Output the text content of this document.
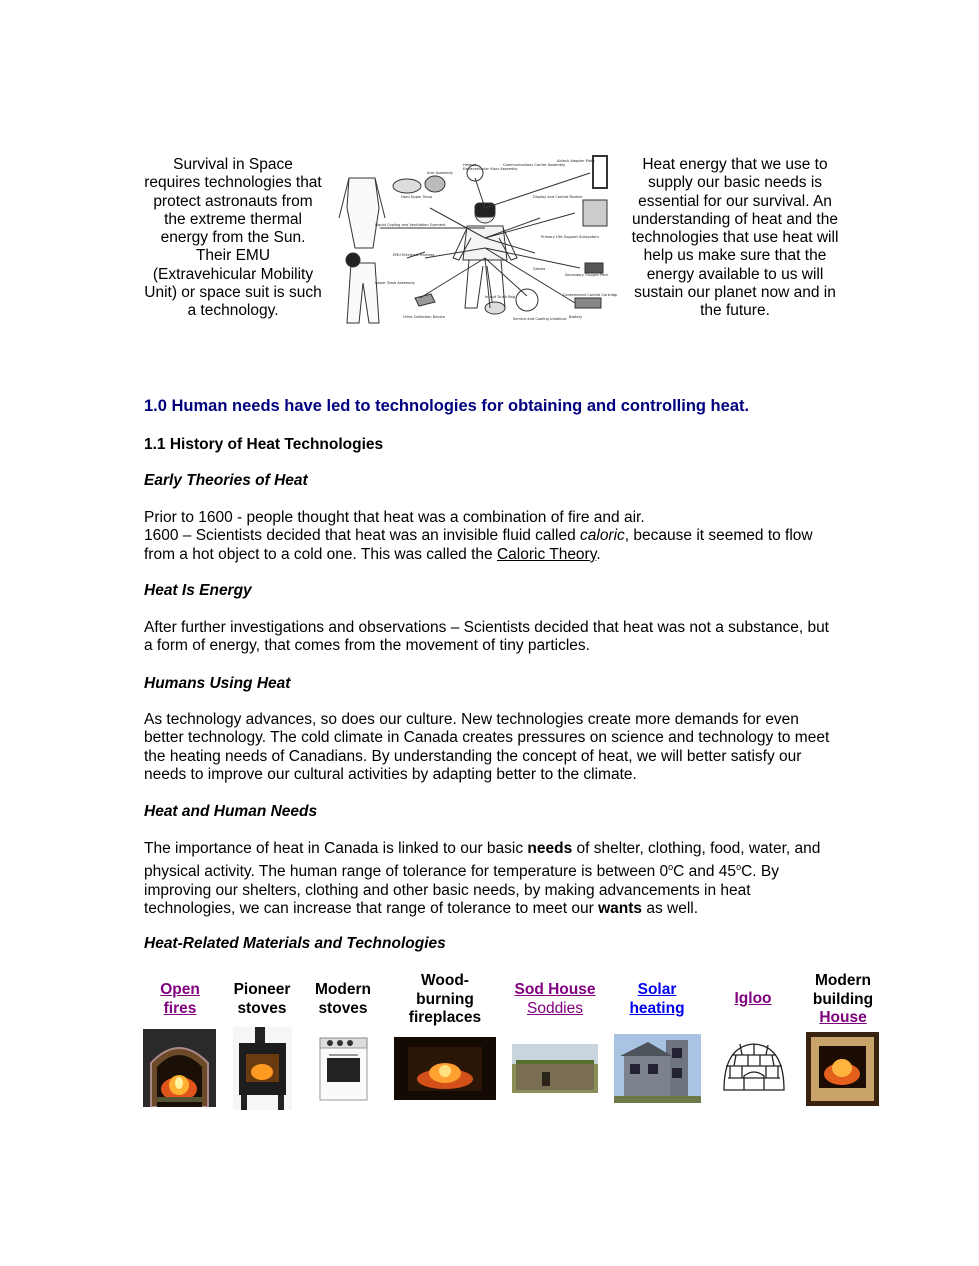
Survival in Space requires technologies that protect astronauts from the extreme thermal energy from the Sun. Their EMU (Extravehicular Mobility Unit) or space suit is such a technology.
Arm Assembly
Helmet
Extravehicular Visor Assembly
Communications Carrier Assembly
Airlock Adapter Plate
Hard Upper Torso	Display and Control Module
Liquid Cooling and Ventilation Garment
Primary Life Support Subsystem
EMU Electrical Harness
Gloves
Secondary Oxygen Pack
Lower Torso Assembly
In-suit Drink Bag	Contaminant Control Cartridge
Urine Collection Device	Service and Cooling Umbilical Battery
Heat energy that we use to supply our basic needs is essential for our survival. An understanding of heat and the technologies that use heat will help us make sure that the energy available to us will sustain our planet now and in the future.
1.0 Human needs have led to technologies for obtaining and controlling heat.
1.1 History of Heat Technologies
Early Theories of Heat

Prior to 1600 - people thought that heat was a combination of fire and air.

1600 – Scientists decided that heat was an invisible fluid called caloric, because it seemed to flow from a hot object to a cold one. This was called the Caloric Theory.

Heat Is Energy

After further investigations and observations – Scientists decided that heat was not a substance, but a form of energy, that comes from the movement of tiny particles.

Humans Using Heat

As technology advances, so does our culture. New technologies create more demands for even better technology. The cold climate in Canada creates pressures on science and technology to meet the heating needs of Canadians. By understanding the concept of heat, we will better satisfy our needs to improve our cultural activities by adapting better to the climate.

Heat and Human Needs

The importance of heat in Canada is linked to our basic needs of shelter, clothing, food, water, and physical activity. The human range of tolerance for temperature is between 0$^o$C and 45$^o$C. By improving our shelters, clothing and other basic needs, by making advancements in heat technologies, we can increase that range of tolerance to meet our wants as well.

Heat-Related Materials and Technologies
Open fires
Pioneer stoves
Modern stoves
Wood-burning fireplaces
Sod House
Soddies
Solar heating
Igloo
Modern building
House
